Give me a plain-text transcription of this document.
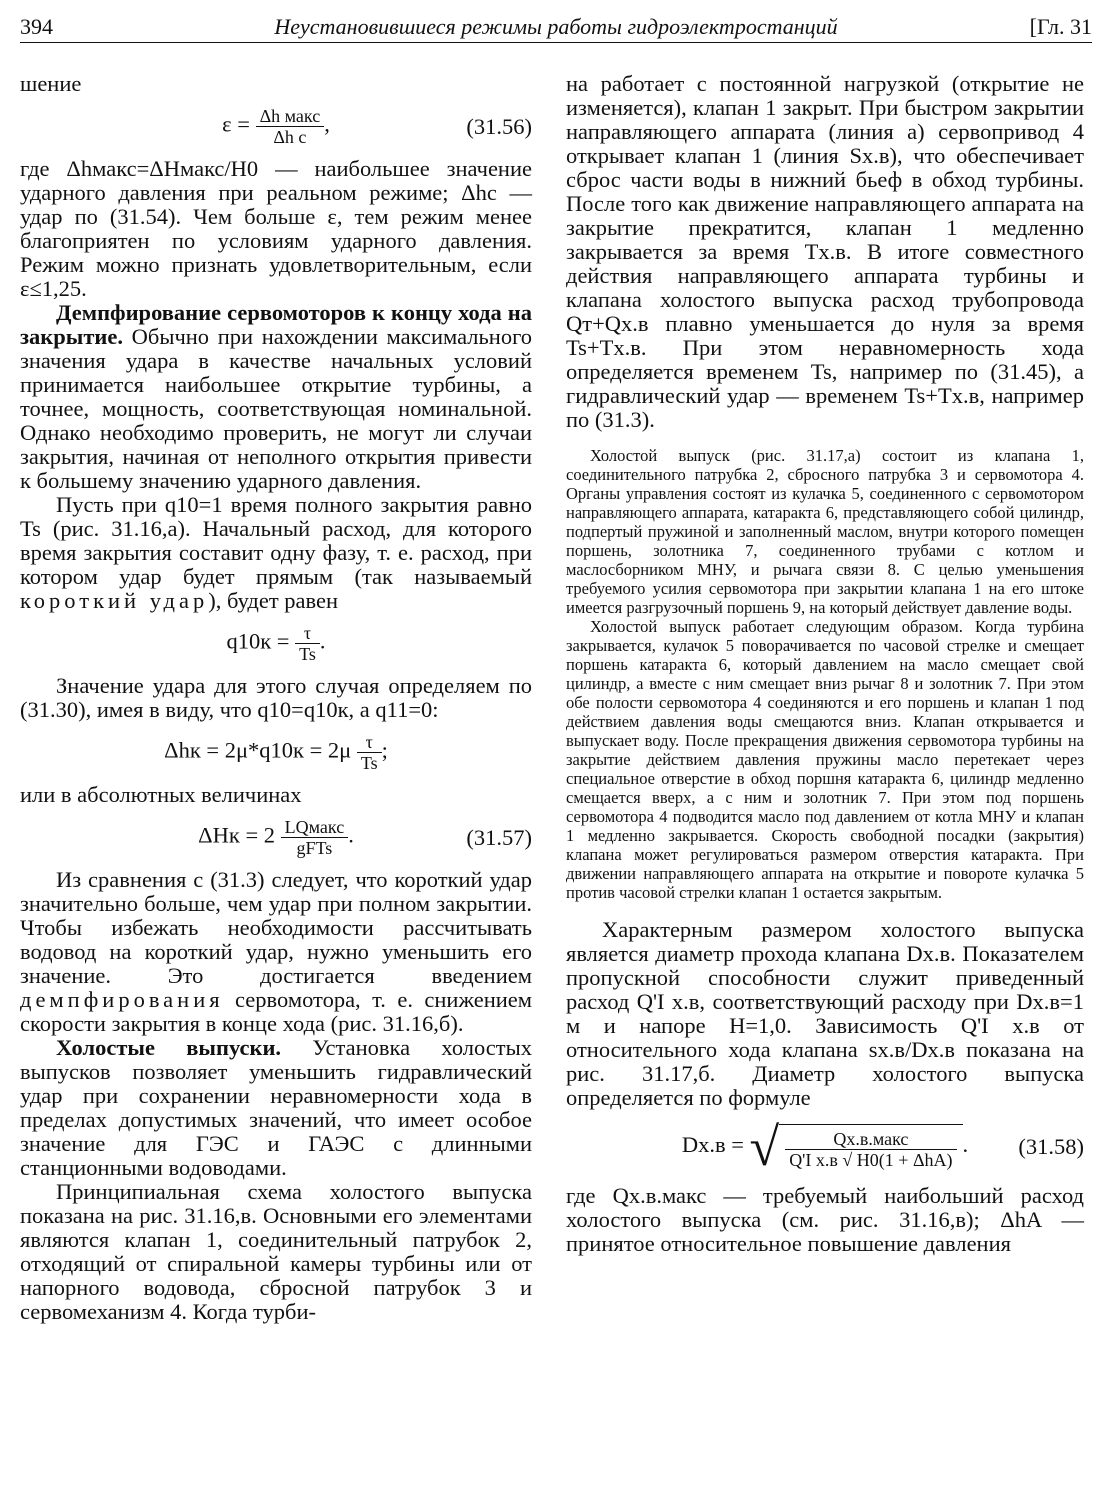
394	Неустановившиеся режимы работы гидроэлектростанций	[Гл. 31

шение

$\varepsilon = \frac{\text{Δh макс}}{\text{Δh с}}$ ,	(31.56)

где Δhмакс=ΔHмакс/H0 — наибольшее значение ударного давления при реальном режиме; Δhс — удар по (31.54). Чем больше ε, тем режим менее благоприятен по условиям ударного давления. Режим можно признать удовлетворительным, если ε≤1,25.

Демпфирование сервомоторов к концу хода на закрытие. Обычно при нахождении максимального значения удара в качестве начальных условий принимается наибольшее открытие турбины, а точнее, мощность, соответствующая номинальной. Однако необходимо проверить, не могут ли случаи закрытия, начиная от неполного открытия привести к большему значению ударного давления.

Пусть при q10=1 время полного закрытия равно Ts (рис. 31.16,а). Начальный расход, для которого время закрытия составит одну фазу, т. е. расход, при котором удар будет прямым (так называемый короткий удар), будет равен

$q10к = \frac{\tau}{Ts}$ .

Значение удара для этого случая определяем по (31.30), имея в виду, что q10=q10к, а q11=0:

$\Delta hк = 2\mu*q10к = 2\mu \frac{\tau}{Ts}$ ;

или в абсолютных величинах

$\Delta Hк = 2 \frac{\text{LQмакс}}{\text{gFTs}}$ .	(31.57)

Из сравнения с (31.3) следует, что короткий удар значительно больше, чем удар при полном закрытии. Чтобы избежать необходимости рассчитывать водовод на короткий удар, нужно уменьшить его значение. Это достигается введением демпфирования сервомотора, т. е. снижением скорости закрытия в конце хода (рис. 31.16,б).

Холостые выпуски. Установка холостых выпусков позволяет уменьшить гидравлический удар при сохранении неравномерности хода в пределах допустимых значений, что имеет особое значение для ГЭС и ГАЭС с длинными станционными водоводами.

Принципиальная схема холостого выпуска показана на рис. 31.16,в. Основными его элементами являются клапан 1, соединительный патрубок 2, отходящий от спиральной камеры турбины или от напорного водовода, сбросной патрубок 3 и сервомеханизм 4. Когда турби-

на работает с постоянной нагрузкой (открытие не изменяется), клапан 1 закрыт. При быстром закрытии направляющего аппарата (линия а) сервопривод 4 открывает клапан 1 (линия Sх.в), что обеспечивает сброс части воды в нижний бьеф в обход турбины. После того как движение направляющего аппарата на закрытие прекратится, клапан 1 медленно закрывается за время Tх.в. В итоге совместного действия направляющего аппарата турбины и клапана холостого выпуска расход трубопровода Qт+Qх.в плавно уменьшается до нуля за время Ts+Tх.в. При этом неравномерность хода определяется временем Ts, например по (31.45), а гидравлический удар — временем Ts+Tх.в, например по (31.3).

Холостой выпуск (рис. 31.17,а) состоит из клапана 1, соединительного патрубка 2, сбросного патрубка 3 и сервомотора 4. Органы управления состоят из кулачка 5, соединенного с сервомотором направляющего аппарата, катаракта 6, представляющего собой цилиндр, подпертый пружиной и заполненный маслом, внутри которого помещен поршень, золотника 7, соединенного трубами с котлом и маслосборником МНУ, и рычага связи 8. С целью уменьшения требуемого усилия сервомотора при закрытии клапана 1 на его штоке имеется разгрузочный поршень 9, на который действует давление воды.

Холостой выпуск работает следующим образом. Когда турбина закрывается, кулачок 5 поворачивается по часовой стрелке и смещает поршень катаракта 6, который давлением на масло смещает свой цилиндр, а вместе с ним смещает вниз рычаг 8 и золотник 7. При этом обе полости сервомотора 4 соединяются и его поршень и клапан 1 под действием давления воды смещаются вниз. Клапан открывается и выпускает воду. После прекращения движения сервомотора турбины на закрытие действием давления пружины масло перетекает через специальное отверстие в обход поршня катаракта 6, цилиндр медленно смещается вверх, а с ним и золотник 7. При этом под поршень сервомотора 4 подводится масло под давлением от котла МНУ и клапан 1 медленно закрывается. Скорость свободной посадки (закрытия) клапана может регулироваться размером отверстия катаракта. При движении направляющего аппарата на открытие и повороте кулачка 5 против часовой стрелки клапан 1 остается закрытым.

Характерным размером холостого выпуска является диаметр прохода клапана Dх.в. Показателем пропускной способности служит приведенный расход Q'I х.в, соответствующий расходу при Dх.в=1 м и напоре H=1,0. Зависимость Q'I х.в от относительного хода клапана sх.в/Dх.в показана на рис. 31.17,б. Диаметр холостого выпуска определяется по формуле

Dх.в = √ $\frac{\text{Qх.в.макс}}{\text{Q'I х.в √ H0(1 + ΔhA)}}$ . (31.58)

где Qх.в.макс — требуемый наибольший расход холостого выпуска (см. рис. 31.16,в); ΔhA — принятое относительное повышение давления
